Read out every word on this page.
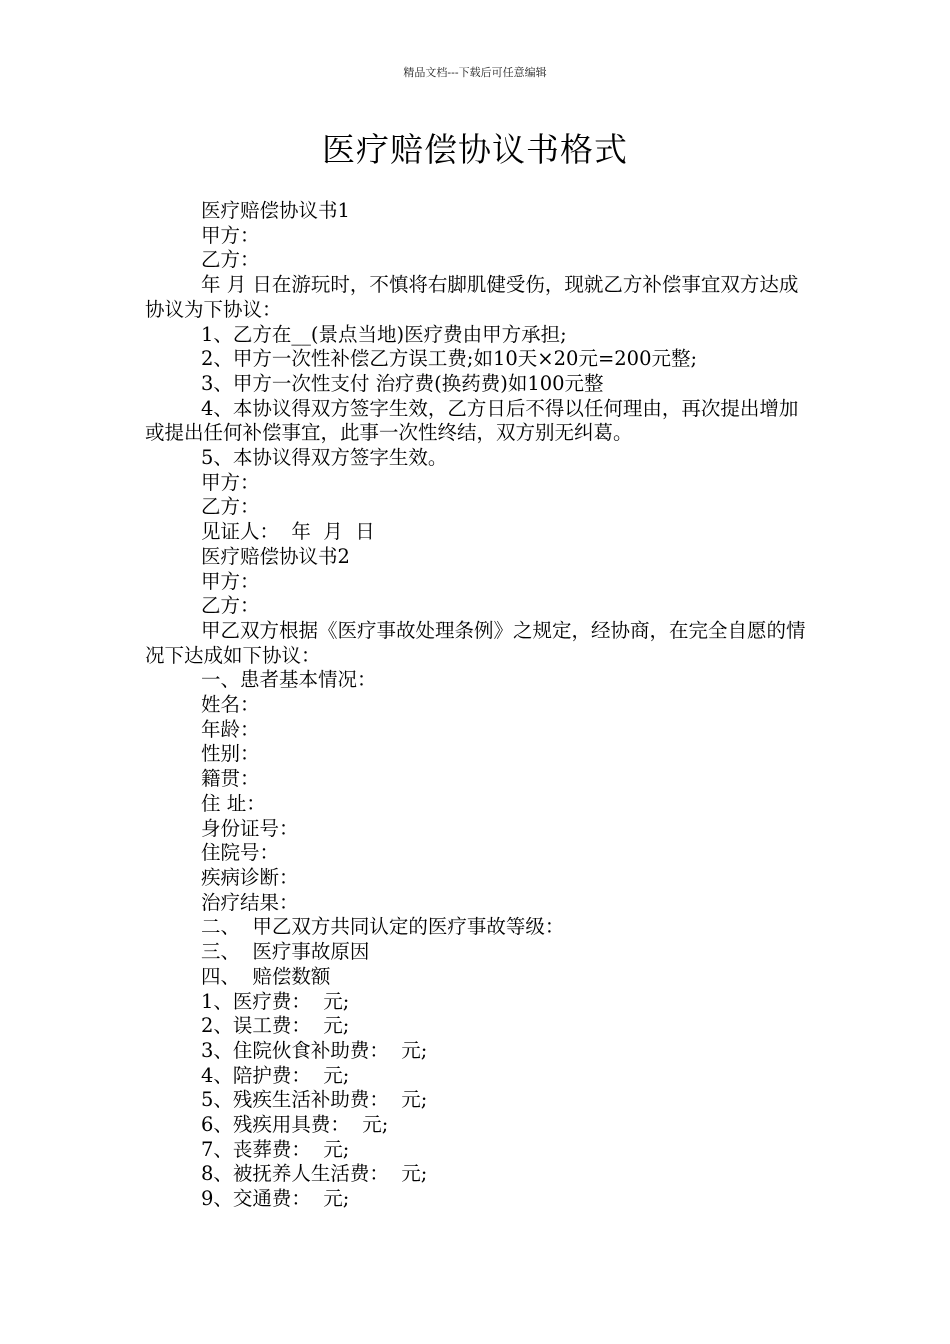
精品文档---下载后可任意编辑
医疗赔偿协议书格式

医疗赔偿协议书1

甲方：

乙方：

年 月 日在游玩时，不慎将右脚肌健受伤，现就乙方补偿事宜双方达成协议为下协议：

1、乙方在__(景点当地)医疗费由甲方承担;

2、甲方一次性补偿乙方误工费;如10天×20元=200元整;

3、甲方一次性支付 治疗费(换药费)如100元整

4、本协议得双方签字生效，乙方日后不得以任何理由，再次提出增加或提出任何补偿事宜，此事一次性终结，双方别无纠葛。

5、本协议得双方签字生效。

甲方：

乙方：

见证人：  年  月  日

医疗赔偿协议书2

甲方：

乙方：

甲乙双方根据《医疗事故处理条例》之规定，经协商，在完全自愿的情况下达成如下协议：

一、患者基本情况：

姓名：

年龄：

性别：

籍贯：

住 址：

身份证号：

住院号：

疾病诊断：

治疗结果：

二、  甲乙双方共同认定的医疗事故等级：

三、  医疗事故原因

四、  赔偿数额

1、医疗费：  元;

2、误工费：  元;

3、住院伙食补助费：  元;

4、陪护费：  元;

5、残疾生活补助费：  元;

6、残疾用具费：  元;

7、丧葬费：  元;

8、被抚养人生活费：  元;

9、交通费：  元;
